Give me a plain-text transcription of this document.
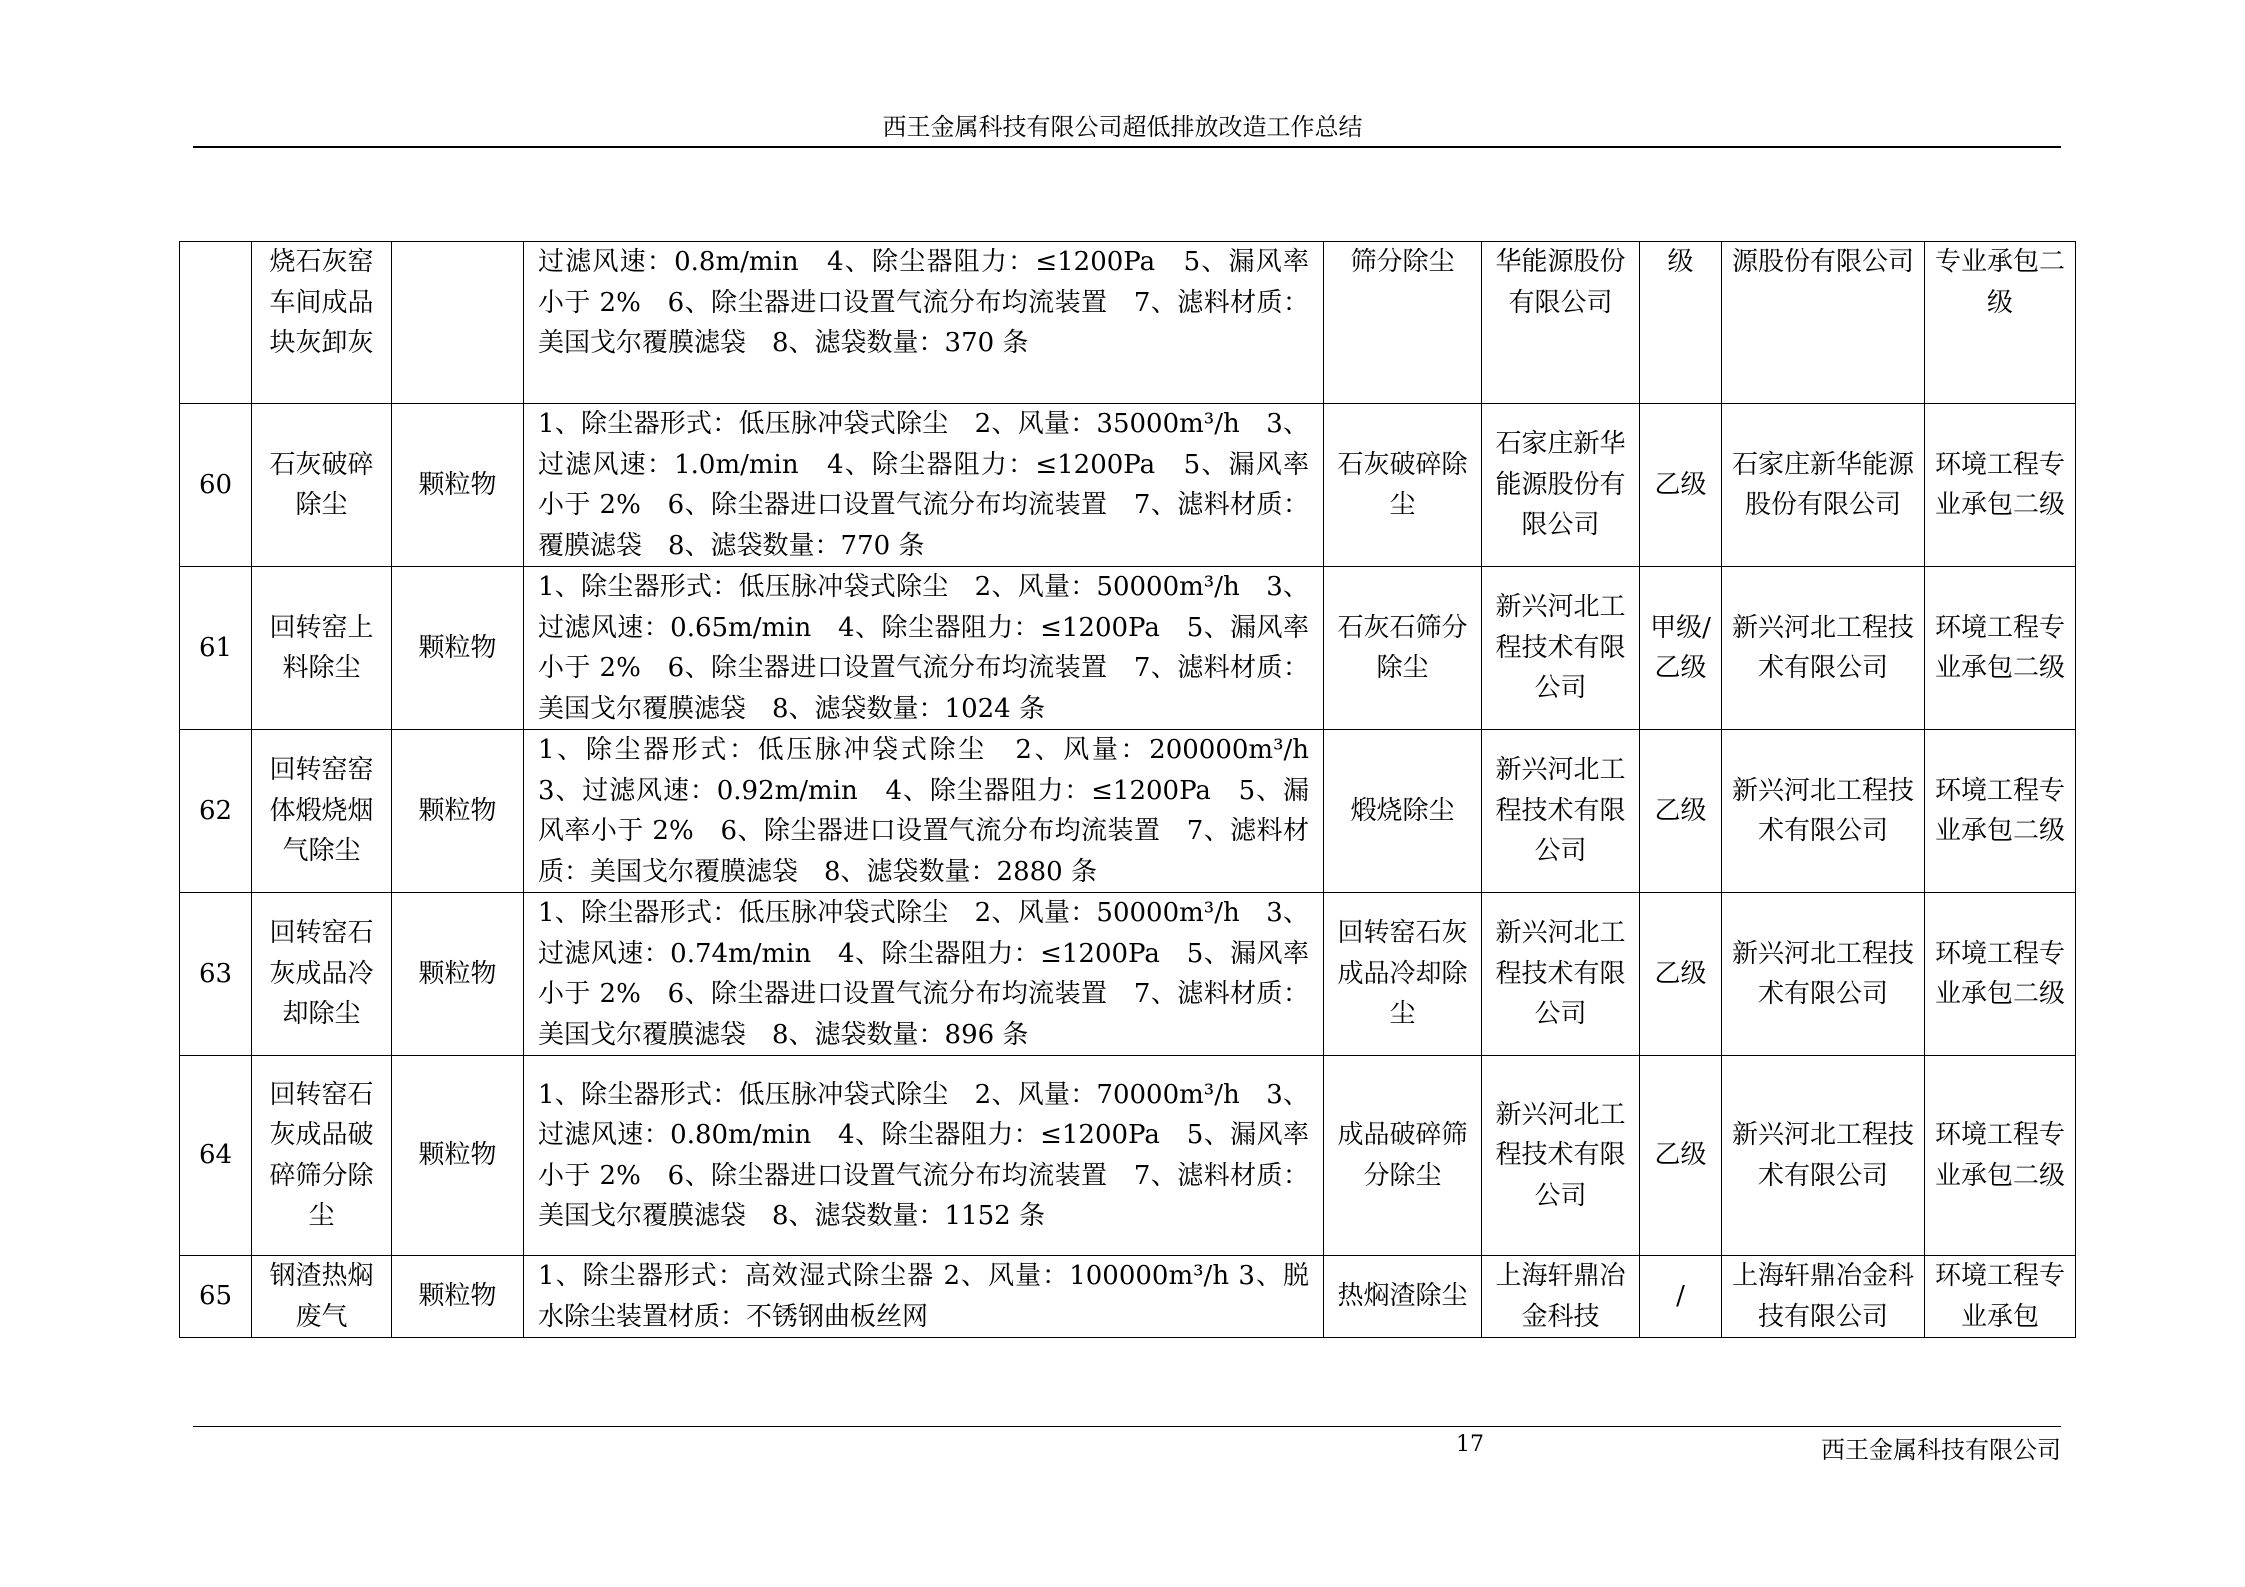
西王金属科技有限公司超低排放改造工作总结
	烧石灰窑车间成品块灰卸灰		过滤风速：0.8m/min　4、除尘器阻力：≤1200Pa　5、漏风率小于 2%　6、除尘器进口设置气流分布均流装置　7、滤料材质：美国戈尔覆膜滤袋　8、滤袋数量：370 条	筛分除尘	华能源股份有限公司	级	源股份有限公司	专业承包二级
60	石灰破碎除尘	颗粒物	1、除尘器形式：低压脉冲袋式除尘　2、风量：35000m³/h　3、过滤风速：1.0m/min　4、除尘器阻力：≤1200Pa　5、漏风率小于 2%　6、除尘器进口设置气流分布均流装置　7、滤料材质：覆膜滤袋　8、滤袋数量：770 条	石灰破碎除尘	石家庄新华能源股份有限公司	乙级	石家庄新华能源股份有限公司	环境工程专业承包二级
61	回转窑上料除尘	颗粒物	1、除尘器形式：低压脉冲袋式除尘　2、风量：50000m³/h　3、过滤风速：0.65m/min　4、除尘器阻力：≤1200Pa　5、漏风率小于 2%　6、除尘器进口设置气流分布均流装置　7、滤料材质：美国戈尔覆膜滤袋　8、滤袋数量：1024 条	石灰石筛分除尘	新兴河北工程技术有限公司	甲级/乙级	新兴河北工程技术有限公司	环境工程专业承包二级
62	回转窑窑体煅烧烟气除尘	颗粒物	1、除尘器形式：低压脉冲袋式除尘　2、风量：200000m³/h　3、过滤风速：0.92m/min　4、除尘器阻力：≤1200Pa　5、漏风率小于 2%　6、除尘器进口设置气流分布均流装置　7、滤料材质：美国戈尔覆膜滤袋　8、滤袋数量：2880 条	煅烧除尘	新兴河北工程技术有限公司	乙级	新兴河北工程技术有限公司	环境工程专业承包二级
63	回转窑石灰成品冷却除尘	颗粒物	1、除尘器形式：低压脉冲袋式除尘　2、风量：50000m³/h　3、过滤风速：0.74m/min　4、除尘器阻力：≤1200Pa　5、漏风率小于 2%　6、除尘器进口设置气流分布均流装置　7、滤料材质：美国戈尔覆膜滤袋　8、滤袋数量：896 条	回转窑石灰成品冷却除尘	新兴河北工程技术有限公司	乙级	新兴河北工程技术有限公司	环境工程专业承包二级
64	回转窑石灰成品破碎筛分除尘	颗粒物	1、除尘器形式：低压脉冲袋式除尘　2、风量：70000m³/h　3、过滤风速：0.80m/min　4、除尘器阻力：≤1200Pa　5、漏风率小于 2%　6、除尘器进口设置气流分布均流装置　7、滤料材质：美国戈尔覆膜滤袋　8、滤袋数量：1152 条	成品破碎筛分除尘	新兴河北工程技术有限公司	乙级	新兴河北工程技术有限公司	环境工程专业承包二级
65	钢渣热焖废气	颗粒物	1、除尘器形式：高效湿式除尘器 2、风量：100000m³/h 3、脱水除尘装置材质：不锈钢曲板丝网	热焖渣除尘	上海轩鼎冶金科技	/	上海轩鼎冶金科技有限公司	环境工程专业承包
17	西王金属科技有限公司
